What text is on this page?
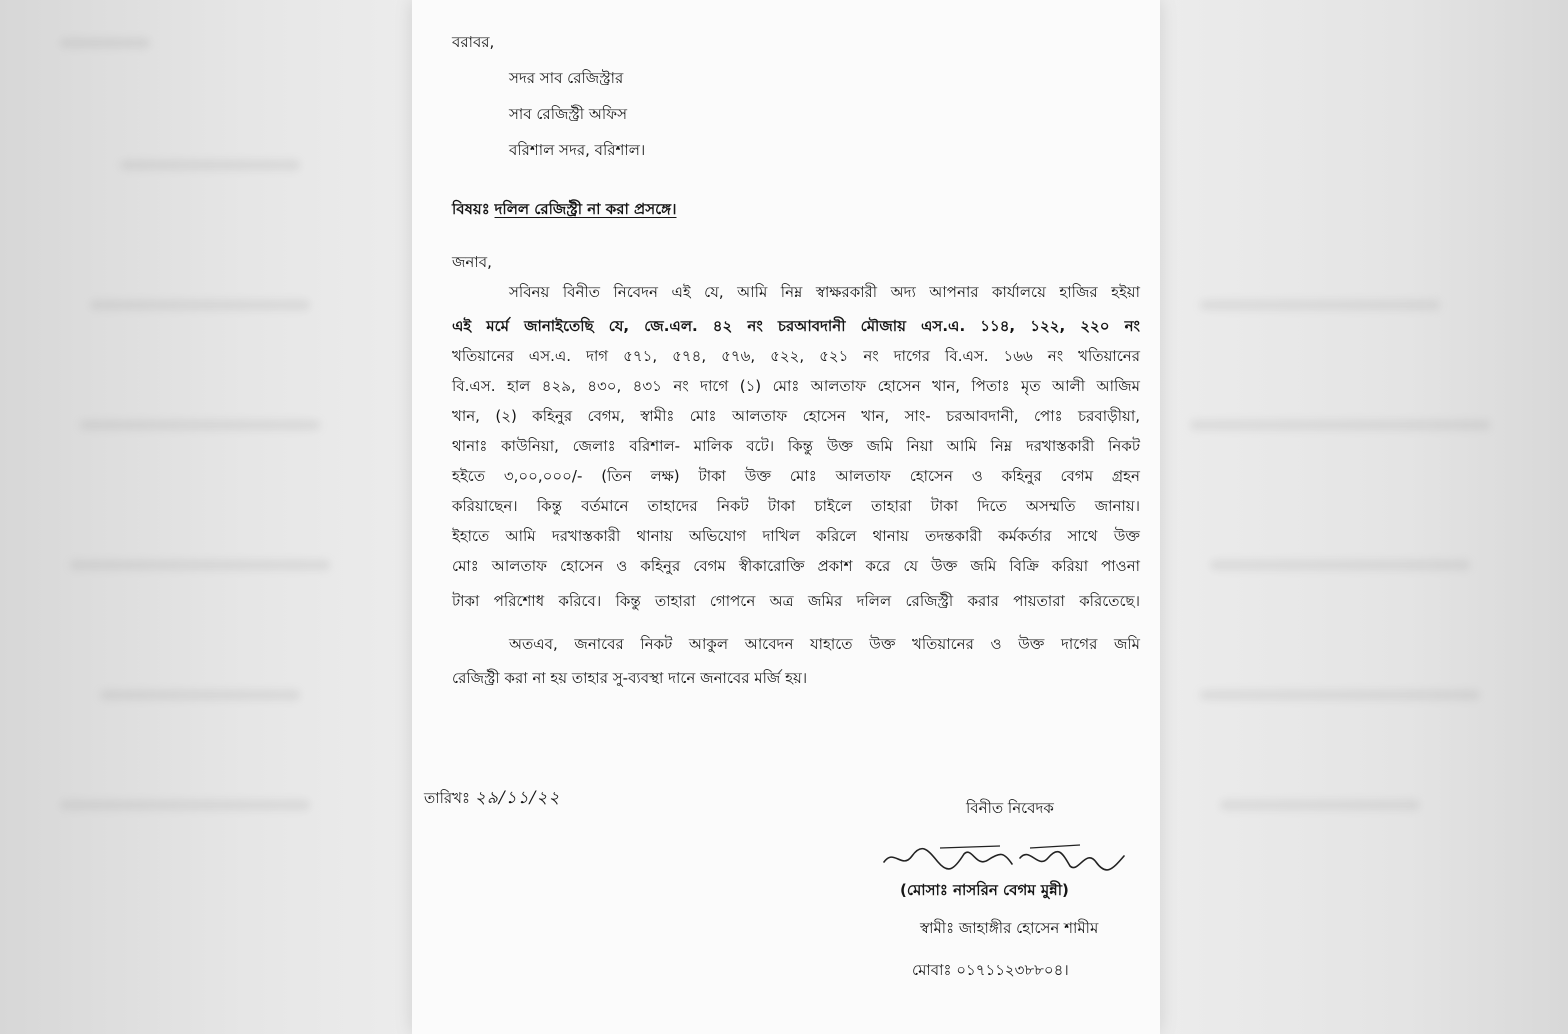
বরাবর,
সদর সাব রেজিস্ট্রার
সাব রেজিস্ট্রী অফিস
বরিশাল সদর, বরিশাল।
বিষয়ঃ দলিল রেজিস্ট্রী না করা প্রসঙ্গে।
জনাব,
সবিনয় বিনীত নিবেদন এই যে, আমি নিম্ন স্বাক্ষরকারী অদ্য আপনার কার্যালয়ে হাজির হইয়া
এই মর্মে জানাইতেছি যে, জে.এল. ৪২ নং চরআবদানী মৌজায় এস.এ. ১১৪, ১২২, ২২০ নং
খতিয়ানের এস.এ. দাগ ৫৭১, ৫৭৪, ৫৭৬, ৫২২, ৫২১ নং দাগের বি.এস. ১৬৬ নং খতিয়ানের
বি.এস. হাল ৪২৯, ৪৩০, ৪৩১ নং দাগে (১) মোঃ আলতাফ হোসেন খান, পিতাঃ মৃত আলী আজিম
খান, (২) কহিনুর বেগম, স্বামীঃ মোঃ আলতাফ হোসেন খান, সাং- চরআবদানী, পোঃ চরবাড়ীয়া,
থানাঃ কাউনিয়া, জেলাঃ বরিশাল- মালিক বটে। কিন্তু উক্ত জমি নিয়া আমি নিম্ন দরখাস্তকারী নিকট
হইতে ৩,০০,০০০/- (তিন লক্ষ) টাকা উক্ত মোঃ আলতাফ হোসেন ও কহিনুর বেগম গ্রহন
করিয়াছেন। কিন্তু বর্তমানে তাহাদের নিকট টাকা চাইলে তাহারা টাকা দিতে অসম্মতি জানায়।
ইহাতে আমি দরখাস্তকারী থানায় অভিযোগ দাখিল করিলে থানায় তদন্তকারী কর্মকর্তার সাথে উক্ত
মোঃ আলতাফ হোসেন ও কহিনুর বেগম স্বীকারোক্তি প্রকাশ করে যে উক্ত জমি বিক্রি করিয়া পাওনা
টাকা পরিশোধ করিবে। কিন্তু তাহারা গোপনে অত্র জমির দলিল রেজিস্ট্রী করার পায়তারা করিতেছে।
অতএব, জনাবের নিকট আকুল আবেদন যাহাতে উক্ত খতিয়ানের ও উক্ত দাগের জমি
রেজিস্ট্রী করা না হয় তাহার সু-ব্যবস্থা দানে জনাবের মর্জি হয়।
তারিখঃ ২৯/১১/২২	বিনীত নিবেদক
(মোসাঃ নাসরিন বেগম মুন্নী)
স্বামীঃ জাহাঙ্গীর হোসেন শামীম
মোবাঃ ০১৭১১২৩৮৮০৪।
